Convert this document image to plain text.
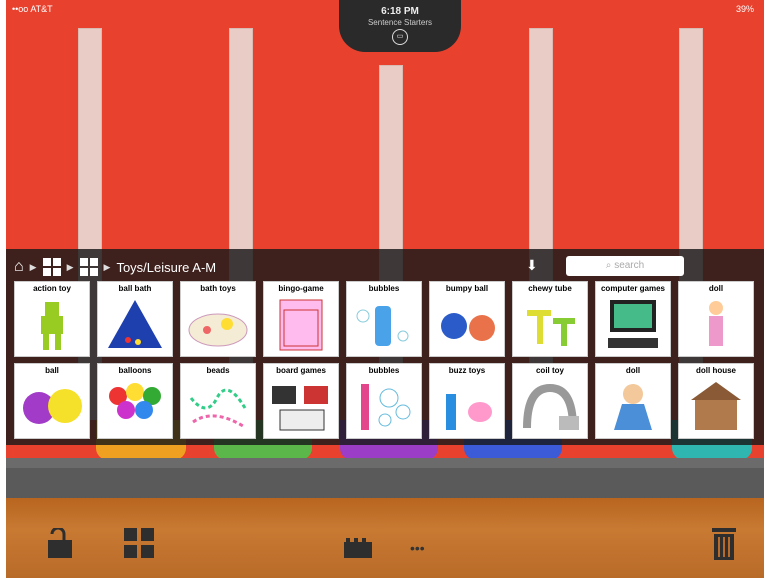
••oo AT&T	39%
6:18 PM
Sentence Starters
▭
⌂ ▶	▶	▶ Toys/Leisure A-M	⬇	⌕ search
action toy	ball bath	bath toys	bingo-game	bubbles	bumpy ball	chewy tube	computer games	doll
ball	balloons	beads	board games	bubbles	buzz toys	coil toy	doll	doll house
•••
